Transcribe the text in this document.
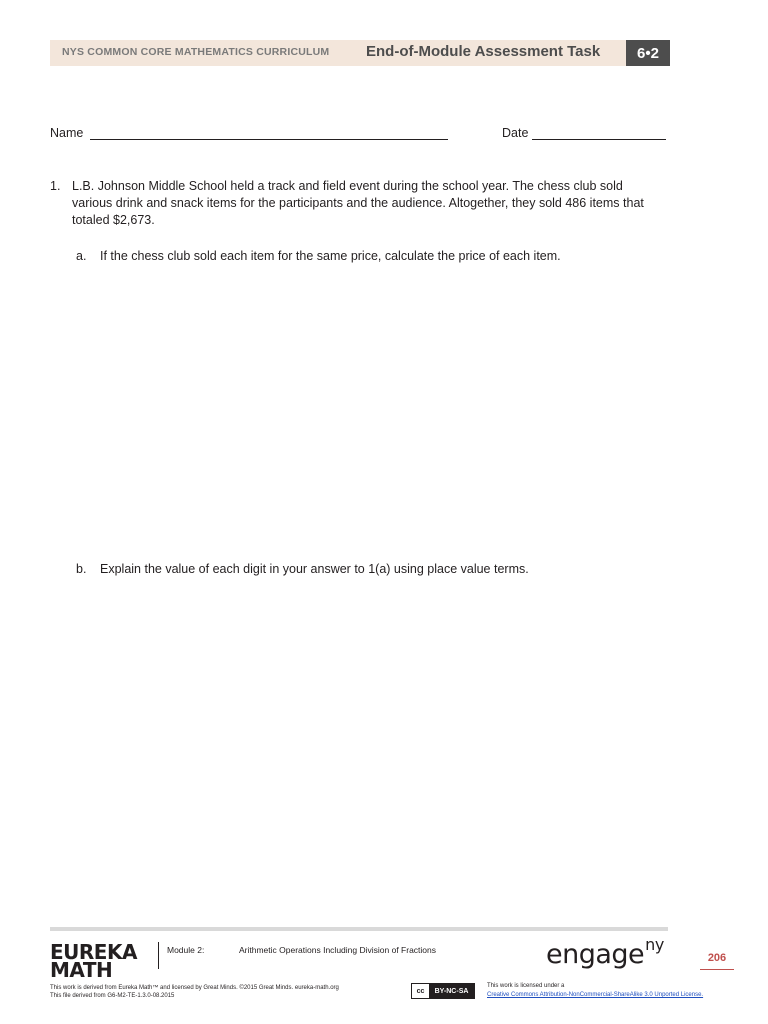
NYS COMMON CORE MATHEMATICS CURRICULUM End-of-Module Assessment Task	6•2
Name	Date
1. L.B. Johnson Middle School held a track and field event during the school year. The chess club sold
various drink and snack items for the participants and the audience. Altogether, they sold 486 items that
totaled $2,673.
a. If the chess club sold each item for the same price, calculate the price of each item.
b. Explain the value of each digit in your answer to 1(a) using place value terms.
EUREKA
MATH
Module 2:	Arithmetic Operations Including Division of Fractions	engage$^{ny}$
206
This work is derived from Eureka Math™ and licensed by Great Minds. ©2015 Great Minds. eureka-math.org
This file derived from G6-M2-TE-1.3.0-08.2015
cc	BY-NC-SA
This work is licensed under a
Creative Commons Attribution-NonCommercial-ShareAlike 3.0 Unported License.
